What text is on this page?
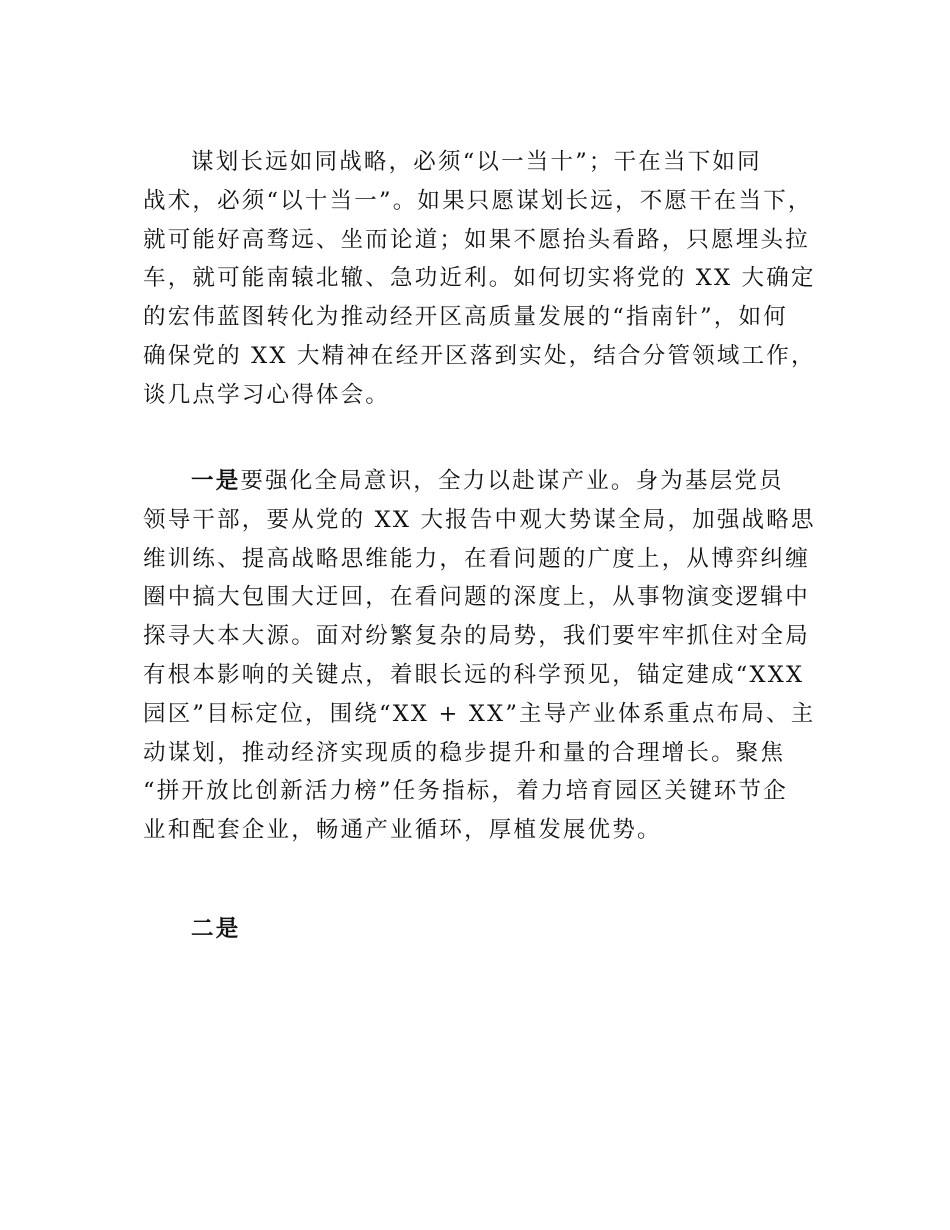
谋划长远如同战略，必须“以一当十”；干在当下如同
战术，必须“以十当一”。如果只愿谋划长远，不愿干在当下，
就可能好高骛远、坐而论道；如果不愿抬头看路，只愿埋头拉
车，就可能南辕北辙、急功近利。如何切实将党的 XX 大确定
的宏伟蓝图转化为推动经开区高质量发展的“指南针”，如何
确保党的 XX 大精神在经开区落到实处，结合分管领域工作，
谈几点学习心得体会。
一是要强化全局意识，全力以赴谋产业。身为基层党员
领导干部，要从党的 XX 大报告中观大势谋全局，加强战略思
维训练、提高战略思维能力，在看问题的广度上，从博弈纠缠
圈中搞大包围大迂回，在看问题的深度上，从事物演变逻辑中
探寻大本大源。面对纷繁复杂的局势，我们要牢牢抓住对全局
有根本影响的关键点，着眼长远的科学预见，锚定建成“XXX
园区”目标定位，围绕“XX + XX”主导产业体系重点布局、主
动谋划，推动经济实现质的稳步提升和量的合理增长。聚焦
“拼开放比创新活力榜”任务指标，着力培育园区关键环节企
业和配套企业，畅通产业循环，厚植发展优势。
二是
